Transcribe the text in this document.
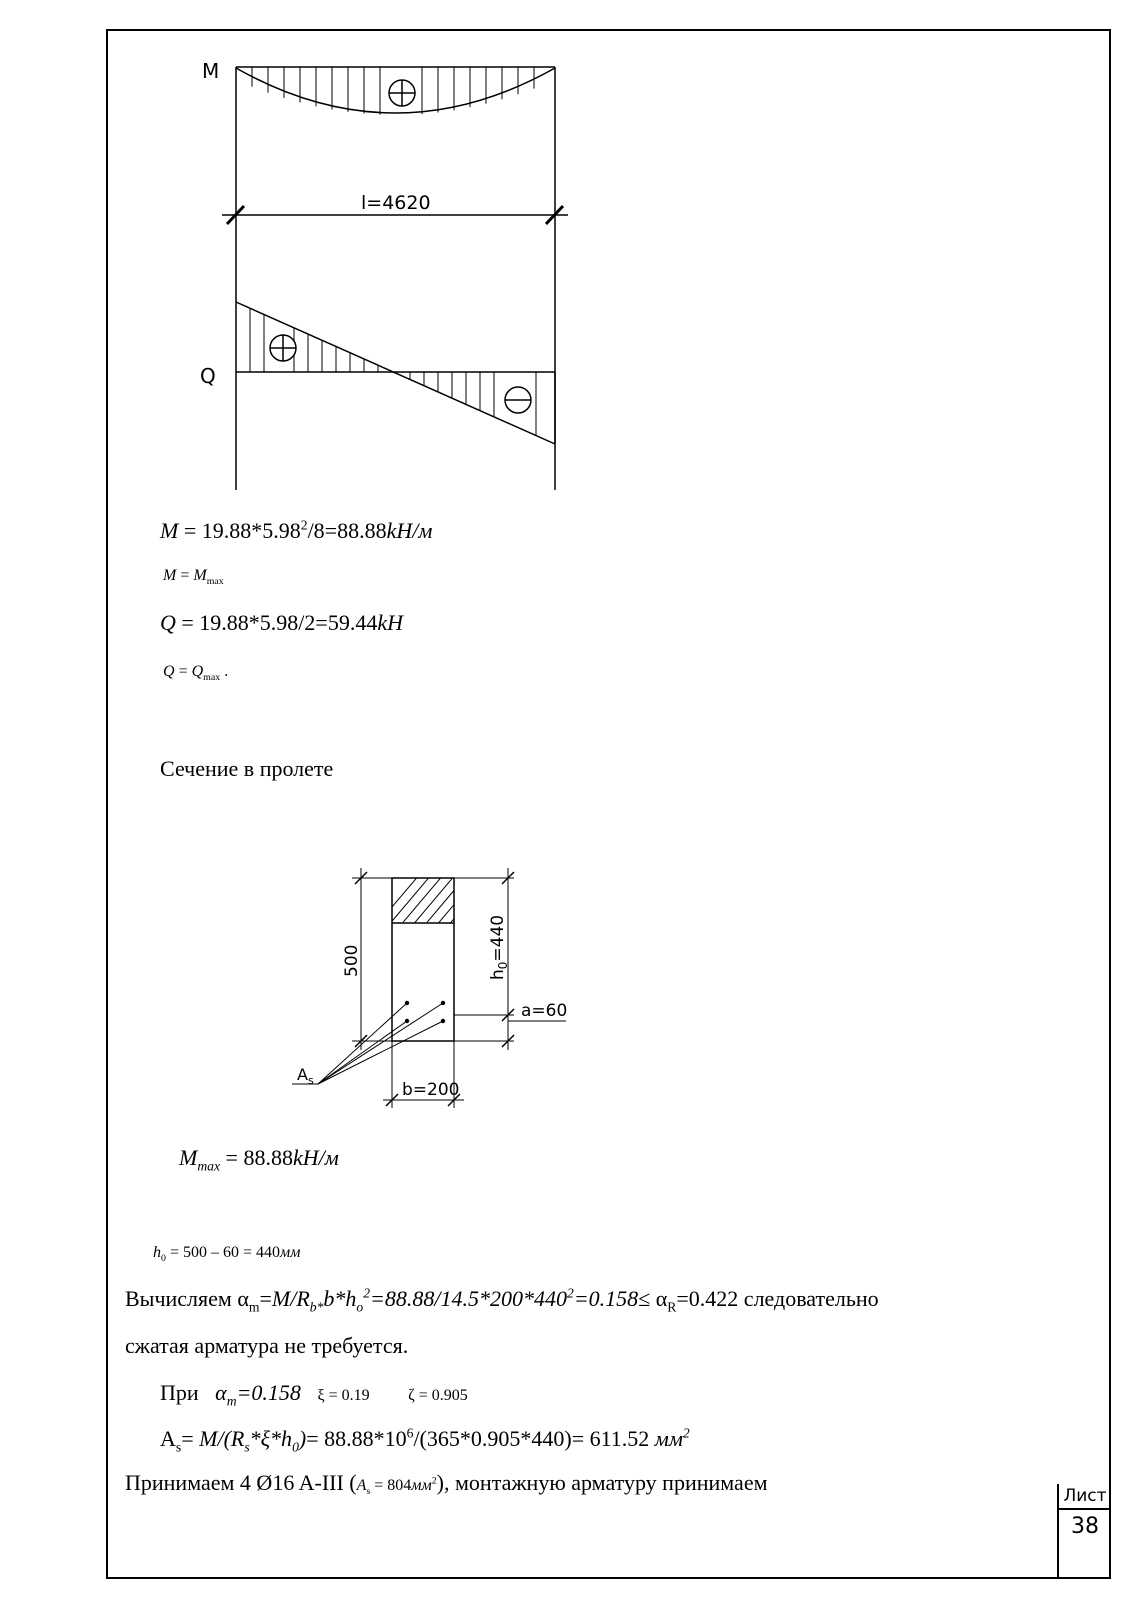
M
l=4620
Q
$M = 19.88*5.98^2/8=88.88kH/м$
$M = M_{max}$
Q = 19.88*5.98/2=59.44kH
$Q = Q_{max}$ .
Сечение в пролете
500	$h_0=440$
a=60
b=200
$A_s$
$M_{max} = 88.88kH/м$
$h_0 = 500 - 60 = 440мм$
Вычисляем $\alpha_m=M/R_{b*}b*h_o^2=88.88/14.5*200*440^2=0.158\le \alpha_R=0.422$ следовательно
сжатая арматура не требуется.
При $\alpha_m=0.158$ ξ = 0.19 ζ = 0.905
$A_s= M/(R_s*\xi*h_0)= 88.88*10^6/(365*0.905*440)= 611.52$ $мм^2$
Принимаем 4 Ø16 A-III $(A_s = 804мм^2)$, монтажную арматуру принимаем
Лист
38
